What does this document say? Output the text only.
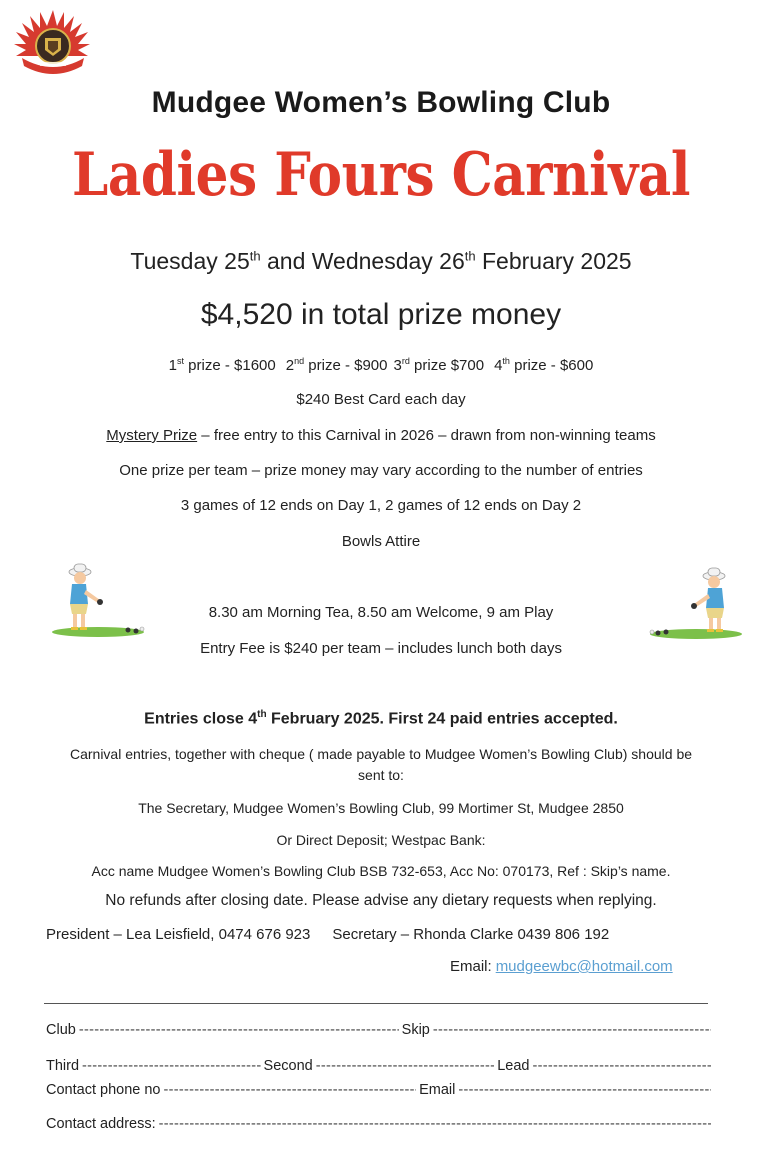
Mudgee Women’s Bowling Club
Ladies Fours Carnival
Tuesday 25th and Wednesday 26th February 2025
$4,520 in total prize money
1st prize - $1600 2nd prize - $900 3rd prize $700 4th prize - $600
$240 Best Card each day
Mystery Prize – free entry to this Carnival in 2026 – drawn from non-winning teams
One prize per team – prize money may vary according to the number of entries
3 games of 12 ends on Day 1, 2 games of 12 ends on Day 2
Bowls Attire
8.30 am Morning Tea, 8.50 am Welcome, 9 am Play
Entry Fee is $240 per team – includes lunch both days
Entries close 4th February 2025. First 24 paid entries accepted.
Carnival entries, together with cheque ( made payable to Mudgee Women’s Bowling Club) should be sent to:
The Secretary, Mudgee Women’s Bowling Club, 99 Mortimer St, Mudgee 2850
Or Direct Deposit; Westpac Bank:
Acc name Mudgee Women’s Bowling Club BSB 732-653, Acc No: 070173, Ref : Skip’s name.
No refunds after closing date. Please advise any dietary requests when replying.
President – Lea Leisfield, 0474 676 923 Secretary – Rhonda Clarke 0439 806 192
Email: mudgeewbc@hotmail.com
Club -----	Skip
-----
Third -----	Second -----	Lead
-----
Contact phone no -----	Email
-----
Contact address:
-----
